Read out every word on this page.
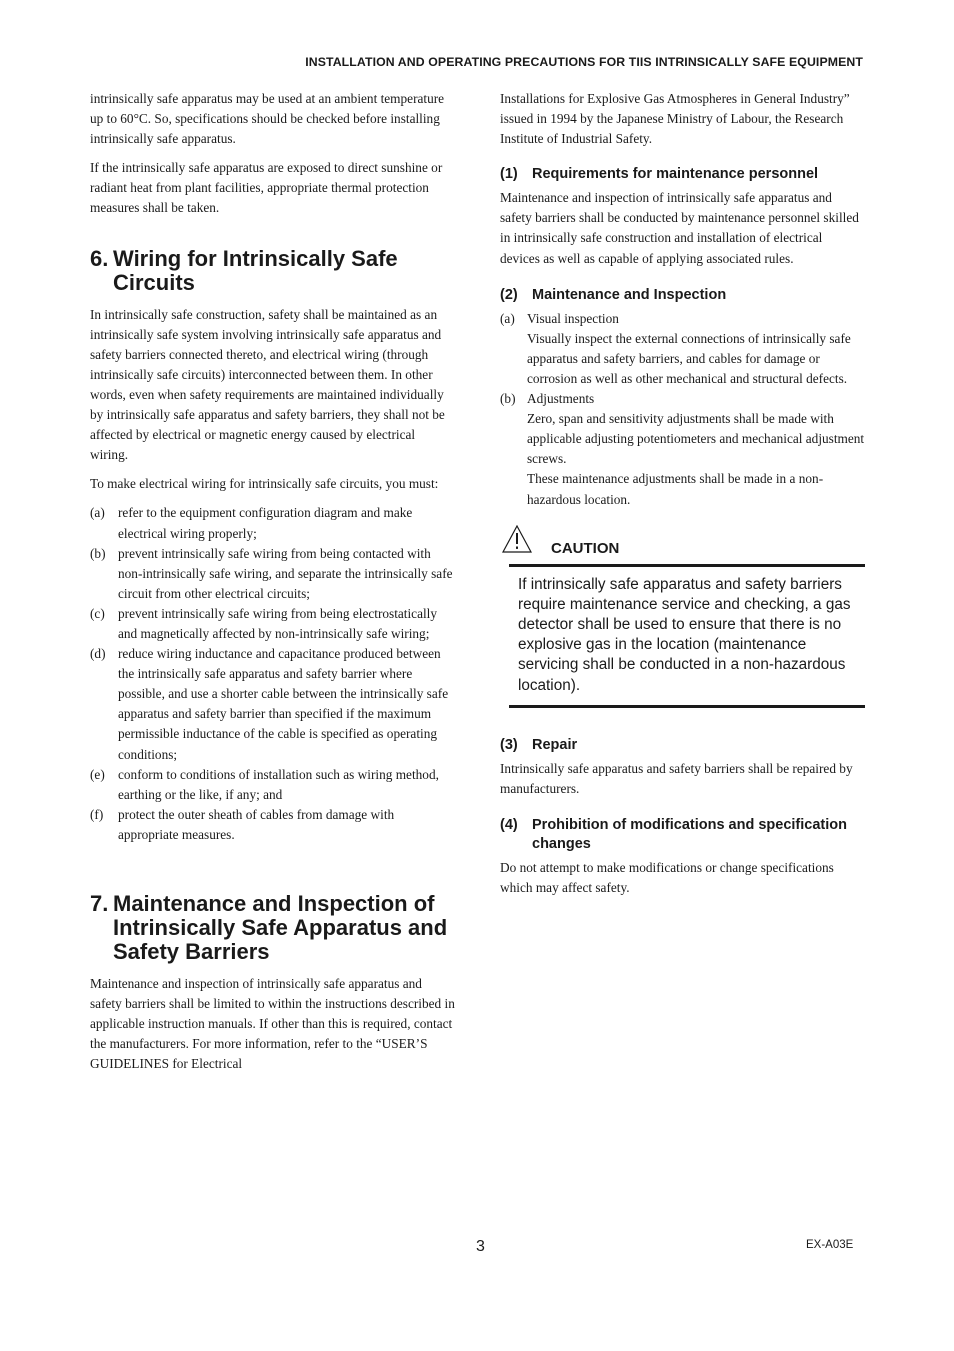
INSTALLATION AND OPERATING PRECAUTIONS FOR TIIS INTRINSICALLY SAFE EQUIPMENT

intrinsically safe apparatus may be used at an ambient temperature up to 60°C. So, specifications should be checked before installing intrinsically safe apparatus.

If the intrinsically safe apparatus are exposed to direct sunshine or radiant heat from plant facilities, appropriate thermal protection measures shall be taken.

6. Wiring for Intrinsically Safe Circuits

In intrinsically safe construction, safety shall be maintained as an intrinsically safe system involving intrinsically safe apparatus and safety barriers connected thereto, and electrical wiring (through intrinsically safe circuits) interconnected between them. In other words, even when safety requirements are maintained individually by intrinsically safe apparatus and safety barriers, they shall not be affected by electrical or magnetic energy caused by electrical wiring.

To make electrical wiring for intrinsically safe circuits, you must:

(a) refer to the equipment configuration diagram and make electrical wiring properly;
(b) prevent intrinsically safe wiring from being contacted with non-intrinsically safe wiring, and separate the intrinsically safe circuit from other electrical circuits;
(c) prevent intrinsically safe wiring from being electrostatically and magnetically affected by non-intrinsically safe wiring;
(d) reduce wiring inductance and capacitance produced between the intrinsically safe apparatus and safety barrier where possible, and use a shorter cable between the intrinsically safe apparatus and safety barrier than specified if the maximum permissible inductance of the cable is specified as operating conditions;
(e) conform to conditions of installation such as wiring method, earthing or the like, if any; and
(f) protect the outer sheath of cables from damage with appropriate measures.
7. Maintenance and Inspection of Intrinsically Safe Apparatus and Safety Barriers

Maintenance and inspection of intrinsically safe apparatus and safety barriers shall be limited to within the instructions described in applicable instruction manuals. If other than this is required, contact the manufacturers. For more information, refer to the “USER’S GUIDELINES for Electrical

Installations for Explosive Gas Atmospheres in General Industry” issued in 1994 by the Japanese Ministry of Labour, the Research Institute of Industrial Safety.

(1) Requirements for maintenance personnel

Maintenance and inspection of intrinsically safe apparatus and safety barriers shall be conducted by maintenance personnel skilled in intrinsically safe construction and installation of electrical devices as well as capable of applying associated rules.

(2) Maintenance and Inspection
(a) Visual inspection
Visually inspect the external connections of intrinsically safe apparatus and safety barriers, and cables for damage or corrosion as well as other mechanical and structural defects.
(b) Adjustments
Zero, span and sensitivity adjustments shall be made with applicable adjusting potentiometers and mechanical adjustment screws.
These maintenance adjustments shall be made in a non-hazardous location.
CAUTION
If intrinsically safe apparatus and safety barriers require maintenance service and checking, a gas detector shall be used to ensure that there is no explosive gas in the location (maintenance servicing shall be conducted in a non-hazardous location).
(3) Repair

Intrinsically safe apparatus and safety barriers shall be repaired by manufacturers.

(4) Prohibition of modifications and specification changes

Do not attempt to make modifications or change specifications which may affect safety.

3	EX-A03E
